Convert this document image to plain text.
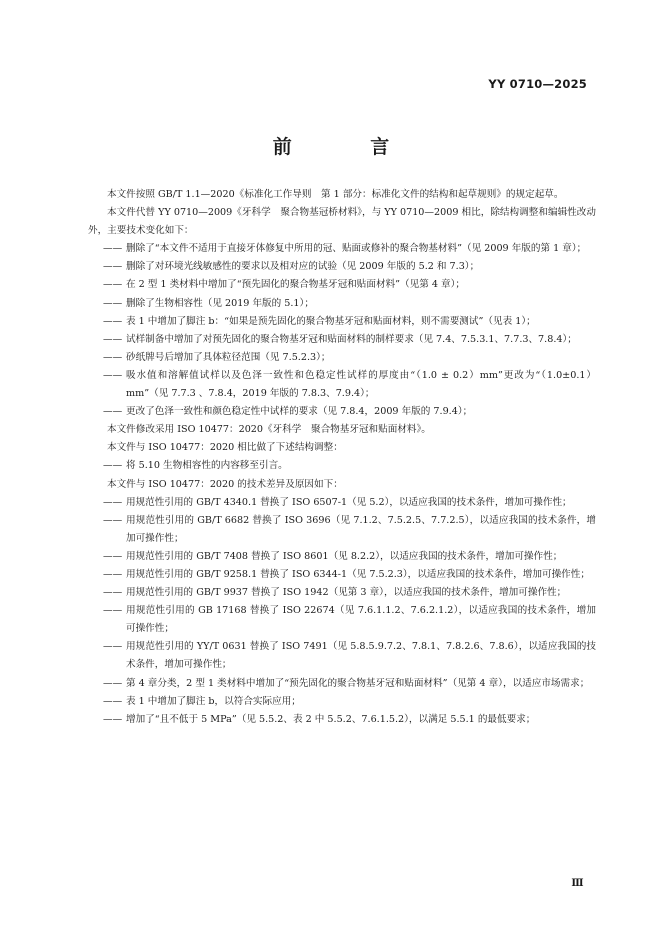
YY 0710—2025
前 言
本文件按照 GB/T 1.1—2020《标准化工作导则　第 1 部分：标准化文件的结构和起草规则》的规定起草。
本文件代替 YY 0710—2009《牙科学　聚合物基冠桥材料》，与 YY 0710—2009 相比，除结构调整和编辑性改动外，主要技术变化如下：
—— 删除了“本文件不适用于直接牙体修复中所用的冠、贴面或修补的聚合物基材料”（见 2009 年版的第 1 章）；
—— 删除了对环境光线敏感性的要求以及相对应的试验（见 2009 年版的 5.2 和 7.3）；
—— 在 2 型 1 类材料中增加了“预先固化的聚合物基牙冠和贴面材料”（见第 4 章）；
—— 删除了生物相容性（见 2019 年版的 5.1）；
—— 表 1 中增加了脚注 b：“如果是预先固化的聚合物基牙冠和贴面材料，则不需要测试”（见表 1）；
—— 试样制备中增加了对预先固化的聚合物基牙冠和贴面材料的制样要求（见 7.4、7.5.3.1、7.7.3、7.8.4）；
—— 砂纸牌号后增加了具体粒径范围（见 7.5.2.3）；
—— 吸水值和溶解值试样以及色泽一致性和色稳定性试样的厚度由“（1.0 ± 0.2）mm”更改为“（1.0±0.1）mm”（见 7.7.3 、7.8.4，2019 年版的 7.8.3、7.9.4）；
—— 更改了色泽一致性和颜色稳定性中试样的要求（见 7.8.4，2009 年版的 7.9.4）；
本文件修改采用 ISO 10477：2020《牙科学　聚合物基牙冠和贴面材料》。
本文件与 ISO 10477：2020 相比做了下述结构调整：
—— 将 5.10 生物相容性的内容移至引言。
本文件与 ISO 10477：2020 的技术差异及原因如下：
—— 用规范性引用的 GB/T 4340.1 替换了 ISO 6507-1（见 5.2），以适应我国的技术条件，增加可操作性；
—— 用规范性引用的 GB/T 6682 替换了 ISO 3696（见 7.1.2、7.5.2.5、7.7.2.5），以适应我国的技术条件，增加可操作性；
—— 用规范性引用的 GB/T 7408 替换了 ISO 8601（见 8.2.2），以适应我国的技术条件，增加可操作性；
—— 用规范性引用的 GB/T 9258.1 替换了 ISO 6344-1（见 7.5.2.3），以适应我国的技术条件，增加可操作性；
—— 用规范性引用的 GB/T 9937 替换了 ISO 1942（见第 3 章），以适应我国的技术条件，增加可操作性；
—— 用规范性引用的 GB 17168 替换了 ISO 22674（见 7.6.1.1.2、7.6.2.1.2），以适应我国的技术条件，增加可操作性；
—— 用规范性引用的 YY/T 0631 替换了 ISO 7491（见 5.8.5.9.7.2、7.8.1、7.8.2.6、7.8.6），以适应我国的技术条件，增加可操作性；
—— 第 4 章分类，2 型 1 类材料中增加了“预先固化的聚合物基牙冠和贴面材料”（见第 4 章），以适应市场需求；
—— 表 1 中增加了脚注 b，以符合实际应用；
—— 增加了“且不低于 5 MPa”（见 5.5.2、表 2 中 5.5.2、7.6.1.5.2），以满足 5.5.1 的最低要求；
Ⅲ
